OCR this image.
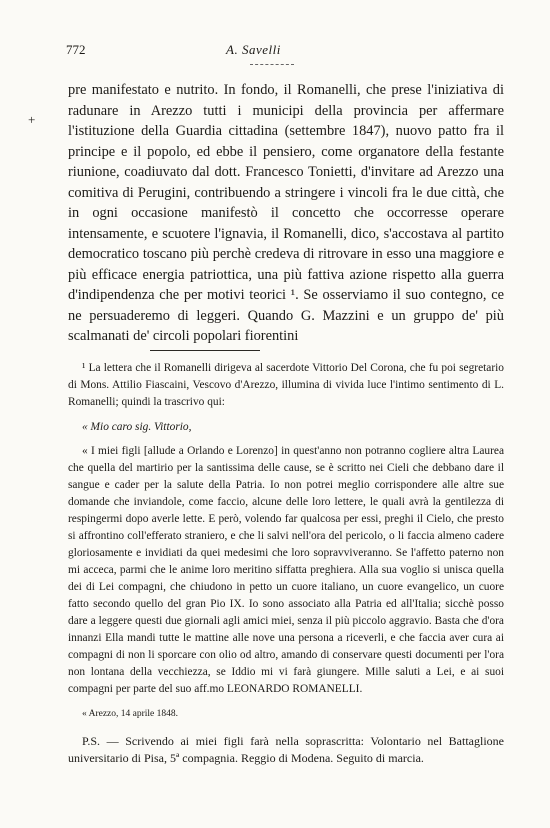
772	A. Savelli
+

pre manifestato e nutrito. In fondo, il Romanelli, che prese l'iniziativa di radunare in Arezzo tutti i municipi della provincia per affermare l'istituzione della Guardia cittadina (settembre 1847), nuovo patto fra il principe e il popolo, ed ebbe il pensiero, come organatore della festante riunione, coadiuvato dal dott. Francesco Tonietti, d'invitare ad Arezzo una comitiva di Perugini, contribuendo a stringere i vincoli fra le due città, che in ogni occasione manifestò il concetto che occorresse operare intensamente, e scuotere l'ignavia, il Romanelli, dico, s'accostava al partito democratico toscano più perchè credeva di ritrovare in esso una maggiore e più efficace energia patriottica, una più fattiva azione rispetto alla guerra d'indipendenza che per motivi teorici ¹. Se osserviamo il suo contegno, ce ne persuaderemo di leggeri. Quando G. Mazzini e un gruppo de' più scalmanati de' circoli popolari fiorentini

¹ La lettera che il Romanelli dirigeva al sacerdote Vittorio Del Corona, che fu poi segretario di Mons. Attilio Fiascaini, Vescovo d'Arezzo, illumina di vivida luce l'intimo sentimento di L. Romanelli; quindi la trascrivo qui:

« Mio caro sig. Vittorio,

« I miei figli [allude a Orlando e Lorenzo] in quest'anno non potranno cogliere altra Laurea che quella del martirio per la santissima delle cause, se è scritto nei Cieli che debbano dare il sangue e cader per la salute della Patria. Io non potrei meglio corrispondere alle altre sue domande che inviandole, come faccio, alcune delle loro lettere, le quali avrà la gentilezza di respingermi dopo averle lette. E però, volendo far qualcosa per essi, preghi il Cielo, che presto si affrontino coll'efferato straniero, e che li salvi nell'ora del pericolo, o li faccia almeno cadere gloriosamente e invidiati da quei medesimi che loro sopravviveranno. Se l'affetto paterno non mi acceca, parmi che le anime loro meritino siffatta preghiera. Alla sua voglio si unisca quella dei di Lei compagni, che chiudono in petto un cuore italiano, un cuore evangelico, un cuore fatto secondo quello del gran Pio IX. Io sono associato alla Patria ed all'Italia; sicchè posso dare a leggere questi due giornali agli amici miei, senza il più piccolo aggravio. Basta che d'ora innanzi Ella mandi tutte le mattine alle nove una persona a riceverli, e che faccia aver cura ai compagni di non li sporcare con olio od altro, amando di conservare questi documenti per l'ora non lontana della vecchiezza, se Iddio mi vi farà giungere. Mille saluti a Lei, e ai suoi compagni per parte del suo aff.mo LEONARDO ROMANELLI.

« Arezzo, 14 aprile 1848.

P.S. — Scrivendo ai miei figli farà nella soprascritta: Volontario nel Battaglione universitario di Pisa, 5ª compagnia. Reggio di Modena. Seguito di marcia.
